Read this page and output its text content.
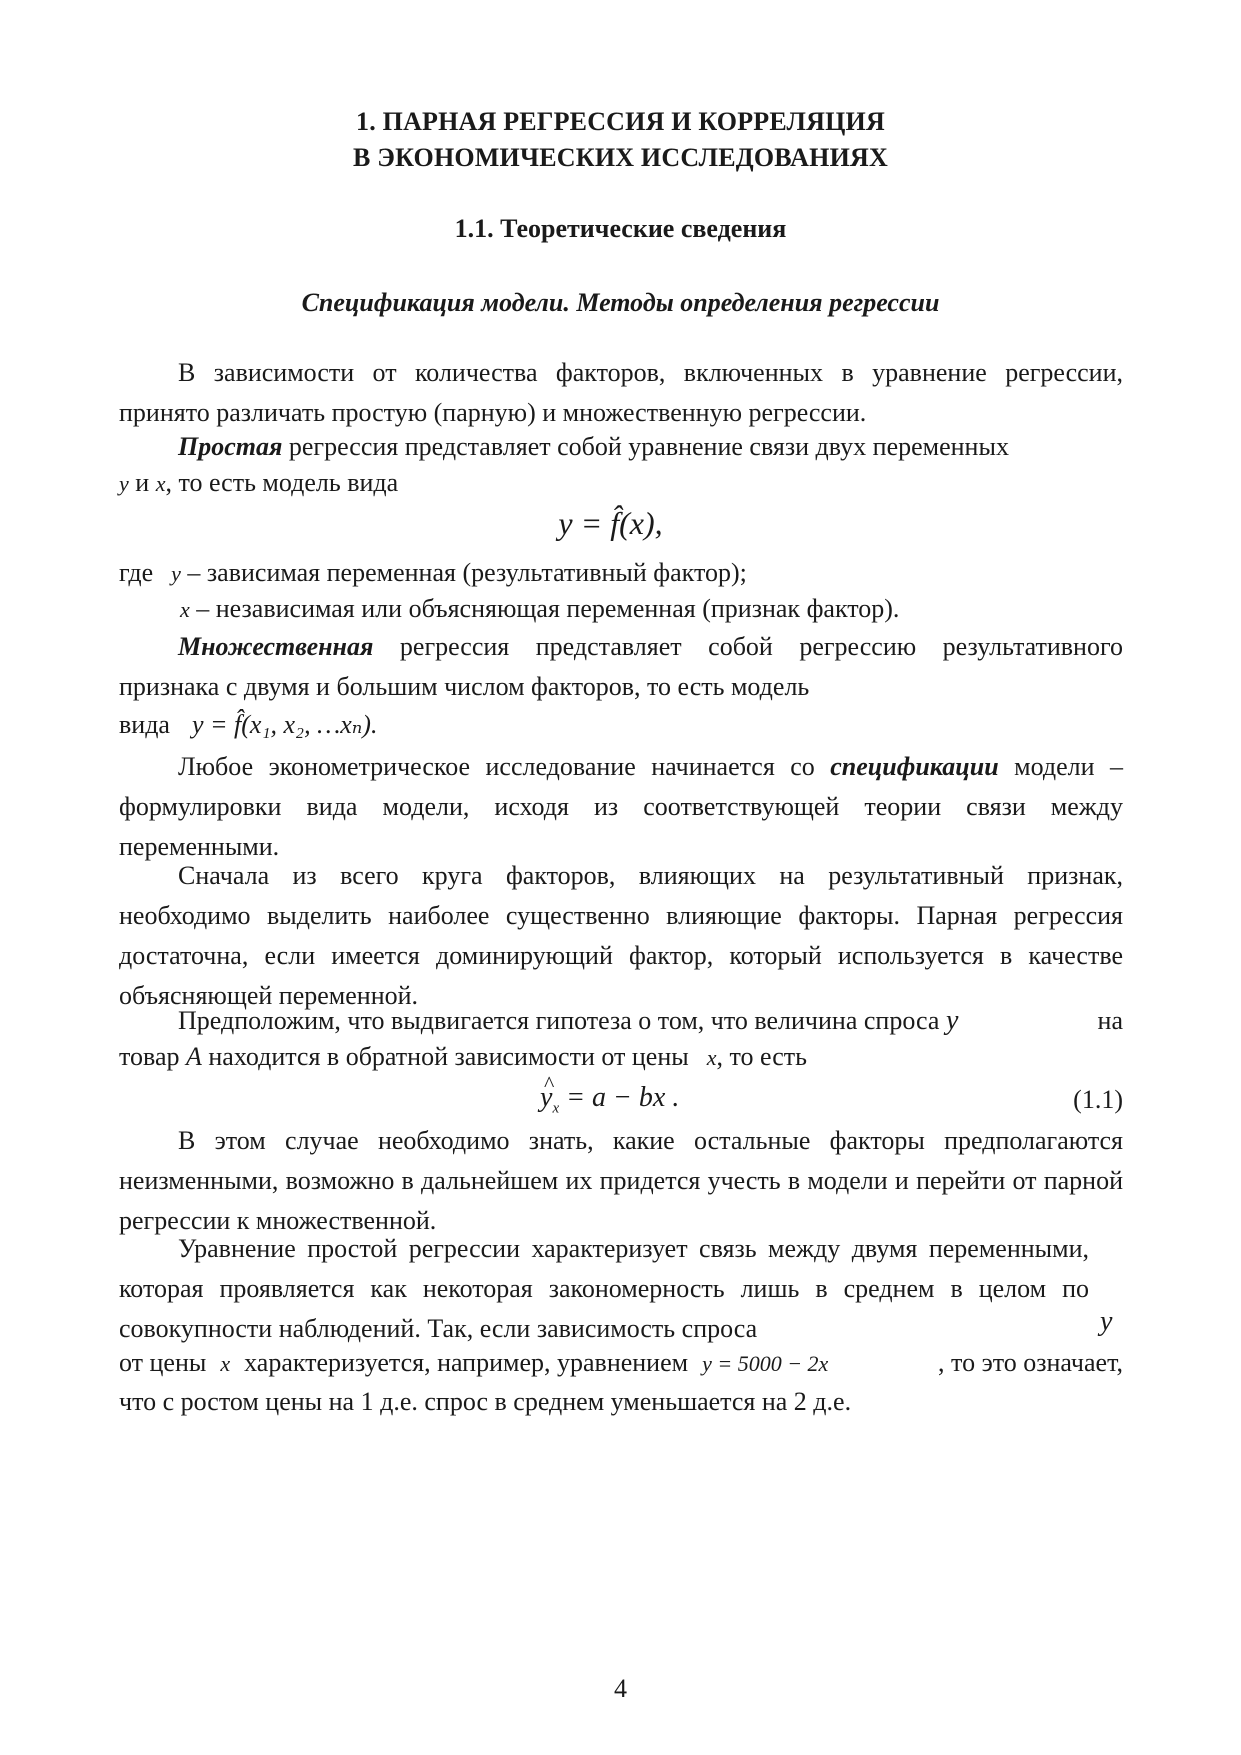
1. ПАРНАЯ РЕГРЕССИЯ И КОРРЕЛЯЦИЯ
В ЭКОНОМИЧЕСКИХ ИССЛЕДОВАНИЯХ
1.1. Теоретические сведения
Спецификация модели. Методы определения регрессии

В зависимости от количества факторов, включенных в уравнение регрессии, принято различать простую (парную) и множественную регрессии.

Простая регрессия представляет собой уравнение связи двух переменных

y и x, то есть модель вида
y = f̂(x),
где y – зависимая переменная (результативный фактор);
x – независимая или объясняющая переменная (признак фактор).

Множественная регрессия представляет собой регрессию результативного признака с двумя и большим числом факторов, то есть модель

вида y = f̂(x₁, x₂, …xₙ).

Любое эконометрическое исследование начинается со спецификации модели – формулировки вида модели, исходя из соответствующей теории связи между переменными.

Сначала из всего круга факторов, влияющих на результативный признак, необходимо выделить наиболее существенно влияющие факторы. Парная регрессия достаточна, если имеется доминирующий фактор, который используется в качестве объясняющей переменной.

Предположим, что выдвигается гипотеза о том, что величина спроса y	на
товар A находится в обратной зависимости от цены x, то есть
^ $y_x = a$ − bx .	(1.1)

В этом случае необходимо знать, какие остальные факторы предполагаются неизменными, возможно в дальнейшем их придется учесть в модели и перейти от парной регрессии к множественной.

Уравнение простой регрессии характеризует связь между двумя переменными, которая проявляется как некоторая закономерность лишь в среднем в целом по совокупности наблюдений. Так, если зависимость спроса	y
от цены x характеризуется, например, уравнением y = 5000 − 2x	, то это означает,
что с ростом цены на 1 д.е. спрос в среднем уменьшается на 2 д.е.
4
